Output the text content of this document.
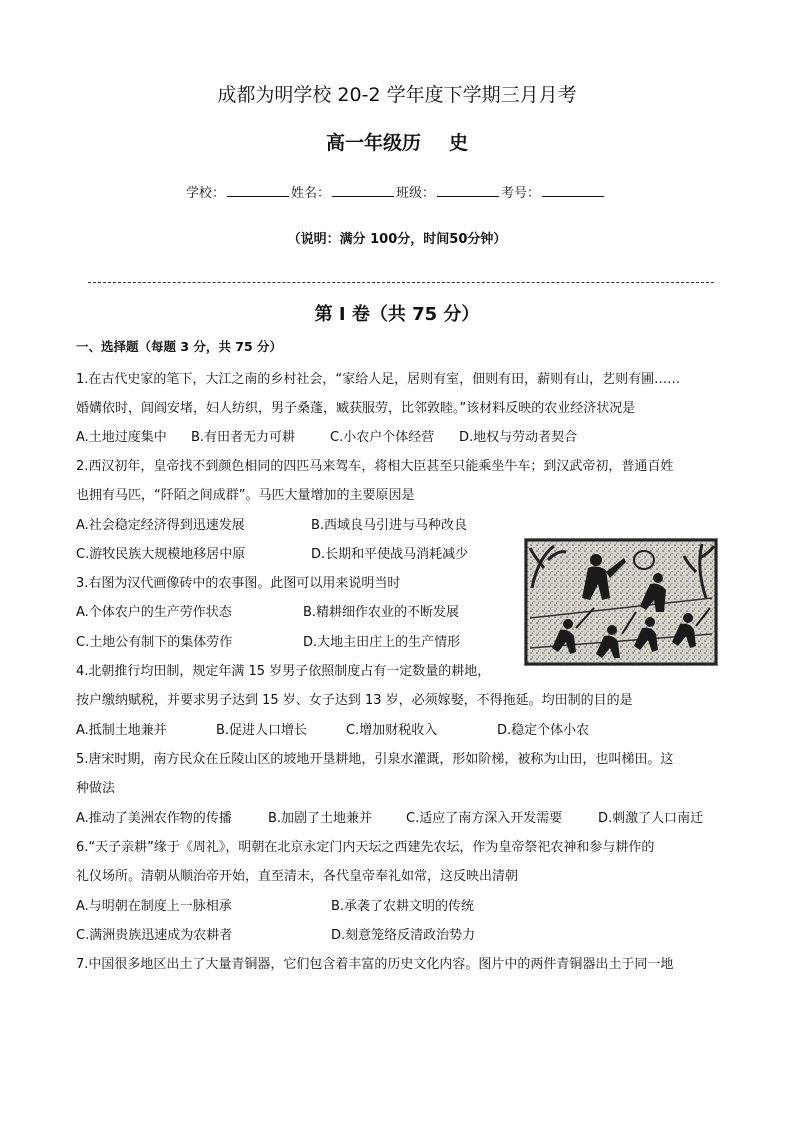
成都为明学校 20-2 学年度下学期三月月考
高一年级历 史
学校：	姓名：	班级：	考号：
（说明：满分 100分，时间50分钟）
第 Ⅰ 卷（共 75 分）
一、选择题（每题 3 分，共 75 分）
1.在古代史家的笔下，大江之南的乡村社会，“家给人足，居则有室，佃则有田，薪则有山，艺则有圃……
婚媾依时，闾阎安堵，妇人纺织，男子桑蓬，臧获服劳，比邻敦睦。”该材料反映的农业经济状况是
A.土地过度集中 B.有田者无力可耕	C.小农户个体经营 D.地权与劳动者契合
2.西汉初年，皇帝找不到颜色相同的四匹马来驾车，将相大臣甚至只能乘坐牛车；到汉武帝初，普通百姓
也拥有马匹，“阡陌之间成群”。马匹大量增加的主要原因是
A.社会稳定经济得到迅速发展	B.西域良马引进与马种改良
C.游牧民族大规模地移居中原	D.长期和平使战马消耗减少
3.右图为汉代画像砖中的农事图。此图可以用来说明当时
A.个体农户的生产劳作状态	B.精耕细作农业的不断发展
C.土地公有制下的集体劳作	D.大地主田庄上的生产情形
4.北朝推行均田制，规定年满 15 岁男子依照制度占有一定数量的耕地，
按户缴纳赋税，并要求男子达到 15 岁、女子达到 13 岁，必须嫁娶，不得拖延。均田制的目的是
A.抵制土地兼并	B.促进人口增长	C.增加财税收入	D.稳定个体小农
5.唐宋时期，南方民众在丘陵山区的坡地开垦耕地，引泉水灌溉，形如阶梯，被称为山田，也叫梯田。这
种做法
A.推动了美洲农作物的传播	B.加剧了土地兼并	C.适应了南方深入开发需要	D.刺激了人口南迁
6.“天子亲耕”缘于《周礼》，明朝在北京永定门内天坛之西建先农坛，作为皇帝祭祀农神和参与耕作的
礼仪场所。清朝从顺治帝开始，直至清末，各代皇帝奉礼如常，这反映出清朝
A.与明朝在制度上一脉相承	B.承袭了农耕文明的传统
C.满洲贵族迅速成为农耕者	D.刻意笼络反清政治势力
7.中国很多地区出土了大量青铜器，它们包含着丰富的历史文化内容。图片中的两件青铜器出土于同一地
